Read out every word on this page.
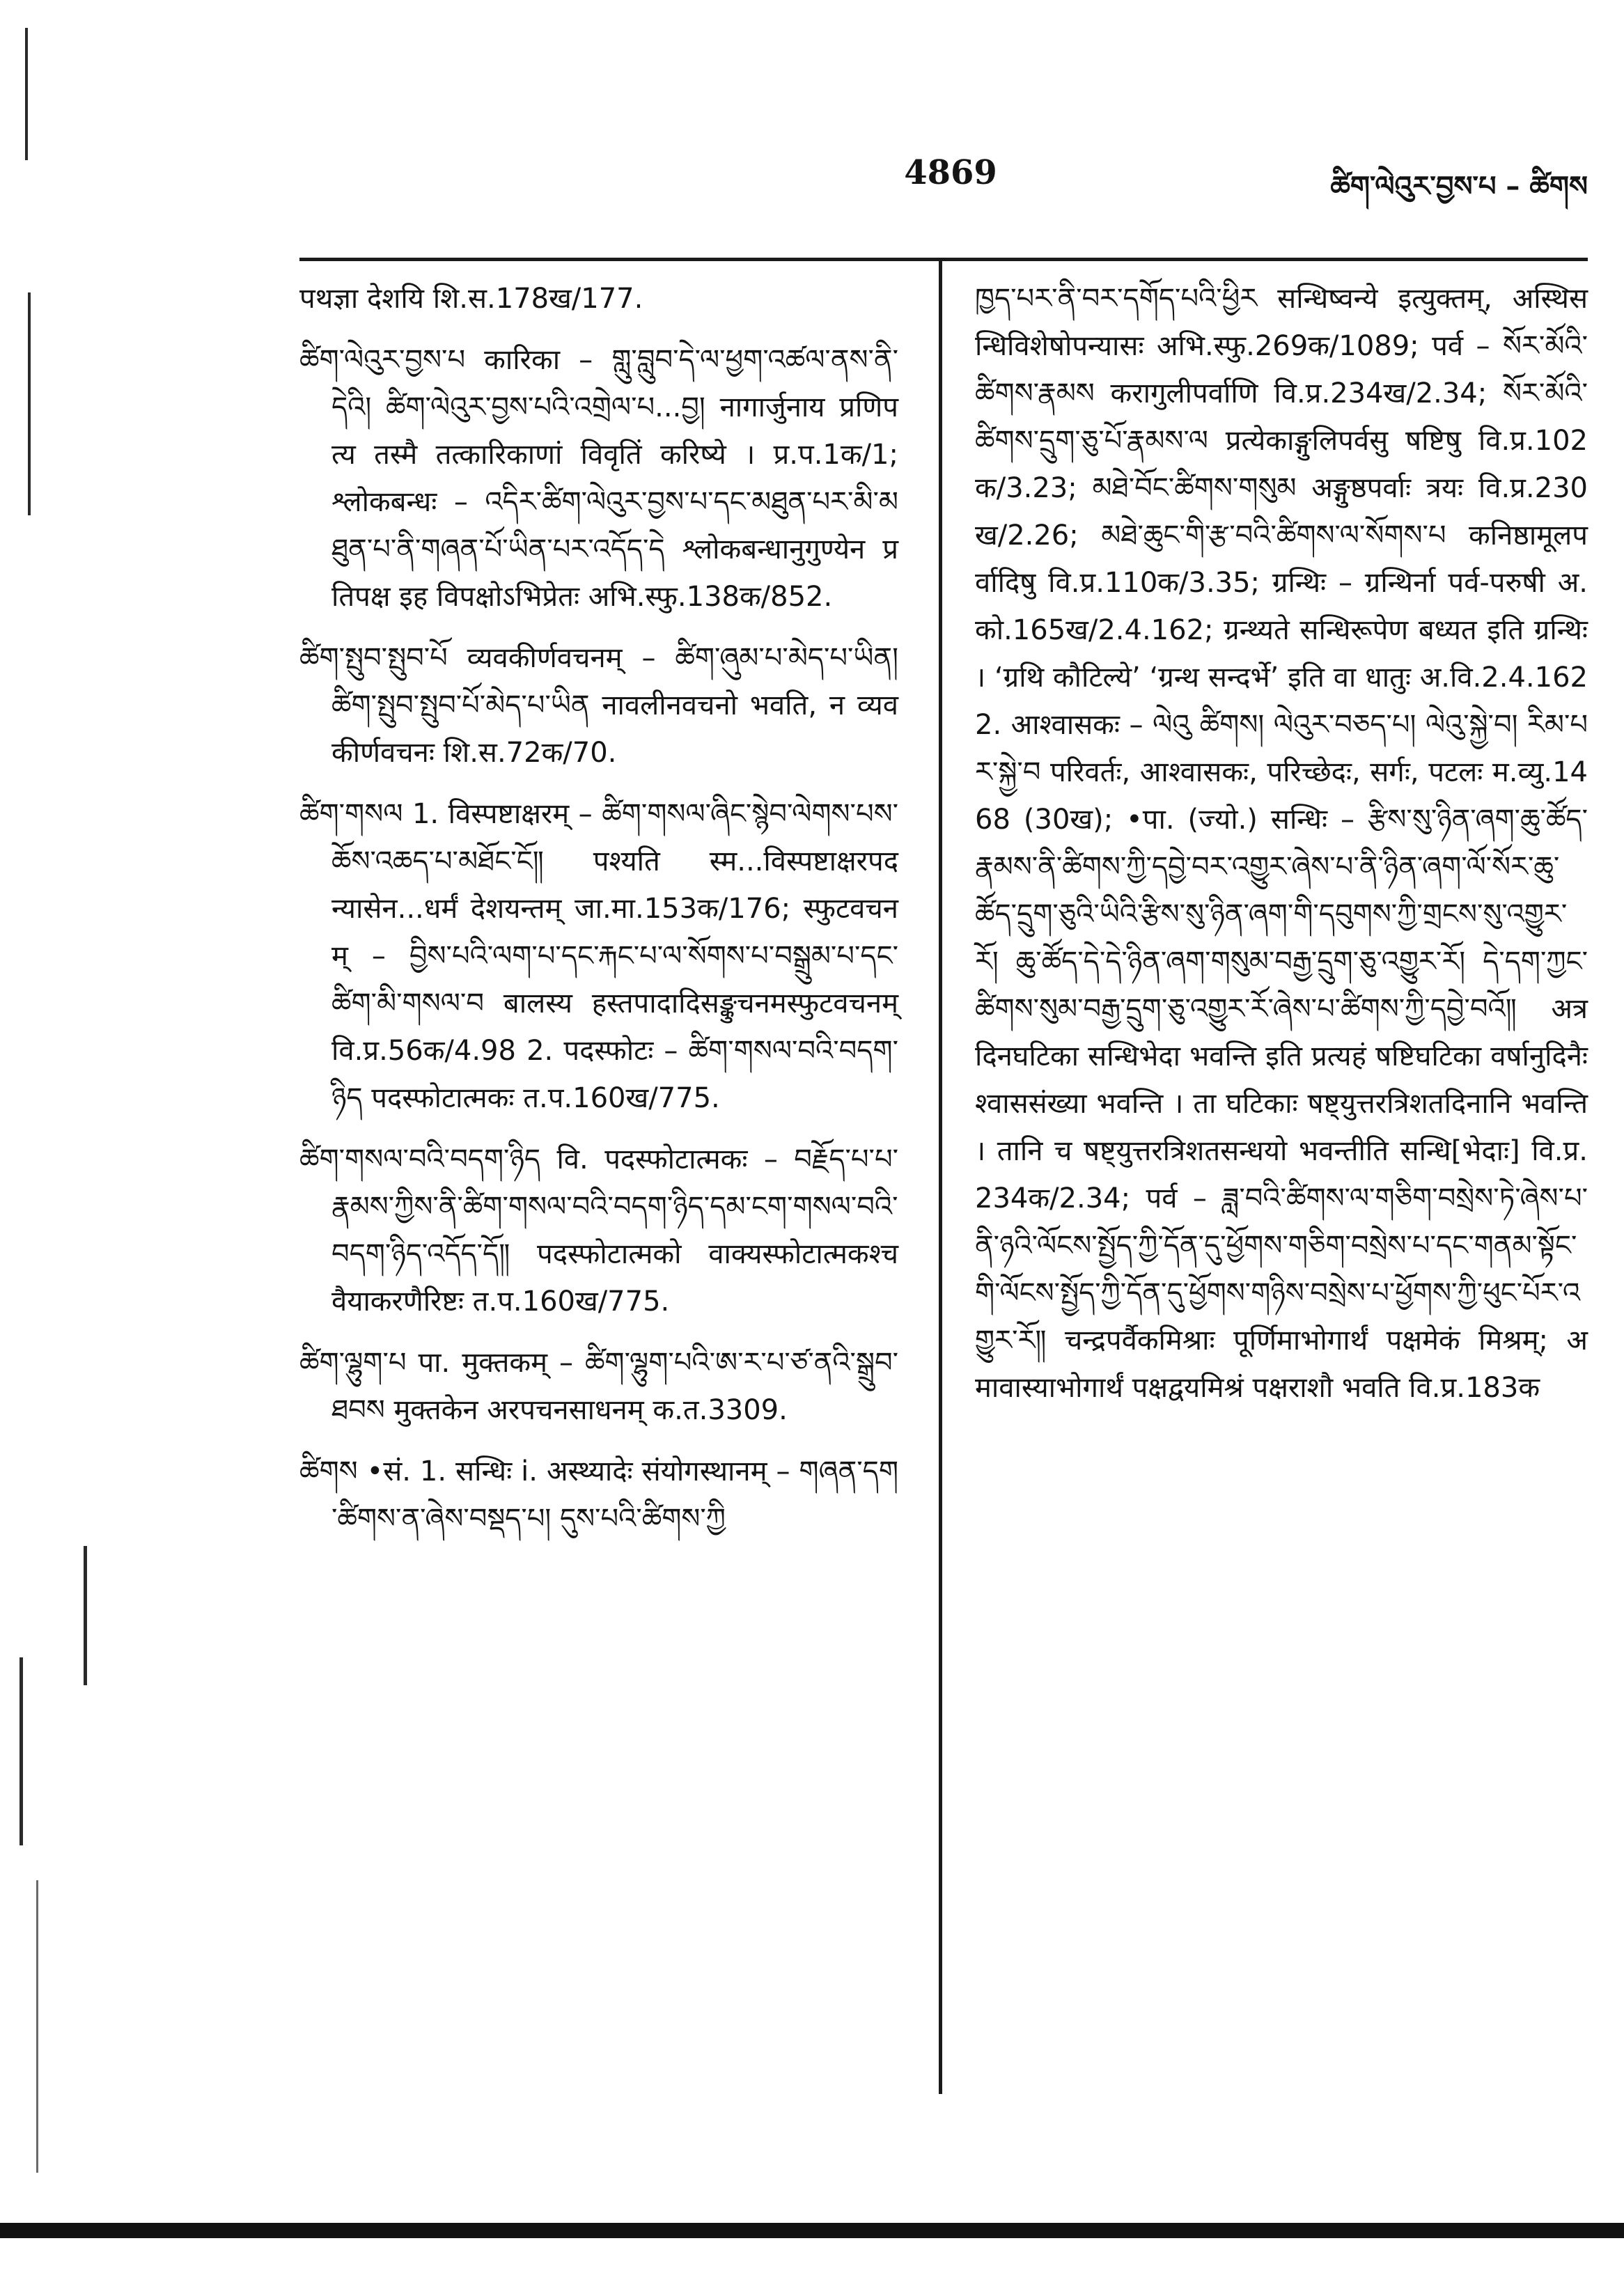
4869	ཚིག་ལེའུར་བྱས་པ – ཚིགས

पथज्ञा देशयि शि.स.178ख/177.

ཚིག་ལེའུར་བྱས་པ कारिका – གླུ་བླུབ་དེ་ལ་ཕྱག་འཚལ་ནས་ནི་དེའི། ཚིག་ལེའུར་བྱས་པའི་འགྲེལ་པ...བྱ། नागार्जुनाय प्रणिपत्य तस्मै तत्कारिकाणां विवृतिं करिष्ये । प्र.प.1क/1; श्लोकबन्धः – འདིར་ཚིག་ལེའུར་བྱས་པ་དང་མཐུན་པར་མི་མཐུན་པ་ནི་གཞན་པོ་ཡིན་པར་འདོད་དེ श्लोकबन्धानुगुण्येन प्रतिपक्ष इह विपक्षोऽभिप्रेतः अभि.स्फु.138क/852.

ཚིག་སྤུབ་སྤུབ་པོ व्यवकीर्णवचनम् – ཚིག་ཞུམ་པ་མེད་པ་ཡིན། ཚིག་སྤུབ་སྤུབ་པོ་མེད་པ་ཡིན नावलीनवचनो भवति, न व्यवकीर्णवचनः शि.स.72क/70.

ཚིག་གསལ 1. विस्पष्टाक्षरम् – ཚིག་གསལ་ཞིང་སྙེབ་ལེགས་པས་ཆོས་འཆད་པ་མཐོང་ངོ༎ पश्यति स्म...विस्पष्टाक्षरपदन्यासेन...धर्मं देशयन्तम् जा.मा.153क/176; स्फुटवचनम् – བྱིས་པའི་ལག་པ་དང་རྐང་པ་ལ་སོགས་པ་བསྒྲུམ་པ་དང་ཚིག་མི་གསལ་བ बालस्य हस्तपादादिसङ्कुचनमस्फुटवचनम् वि.प्र.56क/4.98 2. पदस्फोटः – ཚིག་གསལ་བའི་བདག་ཉིད पदस्फोटात्मकः त.प.160ख/775.

ཚིག་གསལ་བའི་བདག་ཉིད वि. पदस्फोटात्मकः – བརྗོད་པ་པ་རྣམས་ཀྱིས་ནི་ཚིག་གསལ་བའི་བདག་ཉིད་དམ་ངག་གསལ་བའི་བདག་ཉིད་འདོད་དོ༎ पदस्फोटात्मको वाक्यस्फोटात्मकश्च वैयाकरणैरिष्टः त.प.160ख/775.

ཚིག་ལྷུག་པ पा. मुक्तकम् – ཚིག་ལྷུག་པའི་ཨ་ར་པ་ཙ་ནའི་སྒྲུབ་ཐབས मुक्तकेन अरपचनसाधनम् क.त.3309.

ཚིགས •सं. 1. सन्धिः i. अस्थ्यादेः संयोगस्थानम् – གཞན་དག་ཚིགས་ན་ཞེས་བསྡད་པ། དུས་པའི་ཚིགས་ཀྱི

ཁྱད་པར་ནི་བར་དགོད་པའི་ཕྱིར सन्धिष्वन्ये इत्युक्तम्, अस्थिसन्धिविशेषोपन्यासः अभि.स्फु.269क/1089; पर्व – སོར་མོའི་ཚིགས་རྣམས करागुलीपर्वाणि वि.प्र.234ख/2.34; སོར་མོའི་ཚིགས་དྲུག་ཅུ་པོ་རྣམས་ལ प्रत्येकाङ्गुलिपर्वसु षष्टिषु वि.प्र.102क/3.23; མཐེ་བོང་ཚིགས་གསུམ अङ्गुष्ठपर्वाः त्रयः वि.प्र.230ख/2.26; མཐེ་ཆུང་གི་རྩ་བའི་ཚིགས་ལ་སོགས་པ कनिष्ठामूलपर्वादिषु वि.प्र.110क/3.35; ग्रन्थिः – ग्रन्थिर्ना पर्व-परुषी अ.को.165ख/2.4.162; ग्रन्थ्यते सन्धिरूपेण बध्यत इति ग्रन्थिः । ‘ग्रथि कौटिल्ये’ ‘ग्रन्थ सन्दर्भे’ इति वा धातुः अ.वि.2.4.162 2. आश्वासकः – ལེའུ ཚིགས། ལེའུར་བཅད་པ། ལེའུ་སྐྱེ་བ། རིམ་པར་སྐྱེ་བ परिवर्तः, आश्वासकः, परिच्छेदः, सर्गः, पटलः म.व्यु.1468 (30ख); •पा. (ज्यो.) सन्धिः – རྩིས་སུ་ཉིན་ཞག་ཆུ་ཚོད་རྣམས་ནི་ཚིགས་ཀྱི་དབྱེ་བར་འགྱུར་ཞེས་པ་ནི་ཉིན་ཞག་ལོ་སོར་ཆུ་ཚོད་དྲུག་ཅུའི་ཡིའི་རྩིས་སུ་ཉིན་ཞག་གི་དབུགས་ཀྱི་གྲངས་སུ་འགྱུར་རོ། ཆུ་ཚོད་དེ་དེ་ཉིན་ཞག་གསུམ་བརྒྱ་དྲུག་ཅུ་འགྱུར་རོ། དེ་དག་ཀྱང་ཚིགས་སུམ་བརྒྱ་དྲུག་ཅུ་འགྱུར་རོ་ཞེས་པ་ཚིགས་ཀྱི་དབྱེ་བའོ༎ अत्र दिनघटिका सन्धिभेदा भवन्ति इति प्रत्यहं षष्टिघटिका वर्षानुदिनैः श्वाससंख्या भवन्ति । ता घटिकाः षष्ट्युत्तरत्रिशतदिनानि भवन्ति । तानि च षष्ट्युत्तरत्रिशतसन्धयो भवन्तीति सन्धि[भेदाः] वि.प्र.234क/2.34; पर्व – ཟླ་བའི་ཚིགས་ལ་གཅིག་བསྲེས་ཏེ་ཞེས་པ་ནི་ཉའི་ལོངས་སྤྱོད་ཀྱི་དོན་དུ་ཕྱོགས་གཅིག་བསྲེས་པ་དང་གནམ་སྟོང་གི་ལོངས་སྤྱོད་ཀྱི་དོན་དུ་ཕྱོགས་གཉིས་བསྲེས་པ་ཕྱོགས་ཀྱི་ཕུང་པོར་འགྱུར་རོ༎ चन्द्रपर्वैकमिश्राः पूर्णिमाभोगार्थं पक्षमेकं मिश्रम्; अमावास्याभोगार्थं पक्षद्वयमिश्रं पक्षराशौ भवति वि.प्र.183क
